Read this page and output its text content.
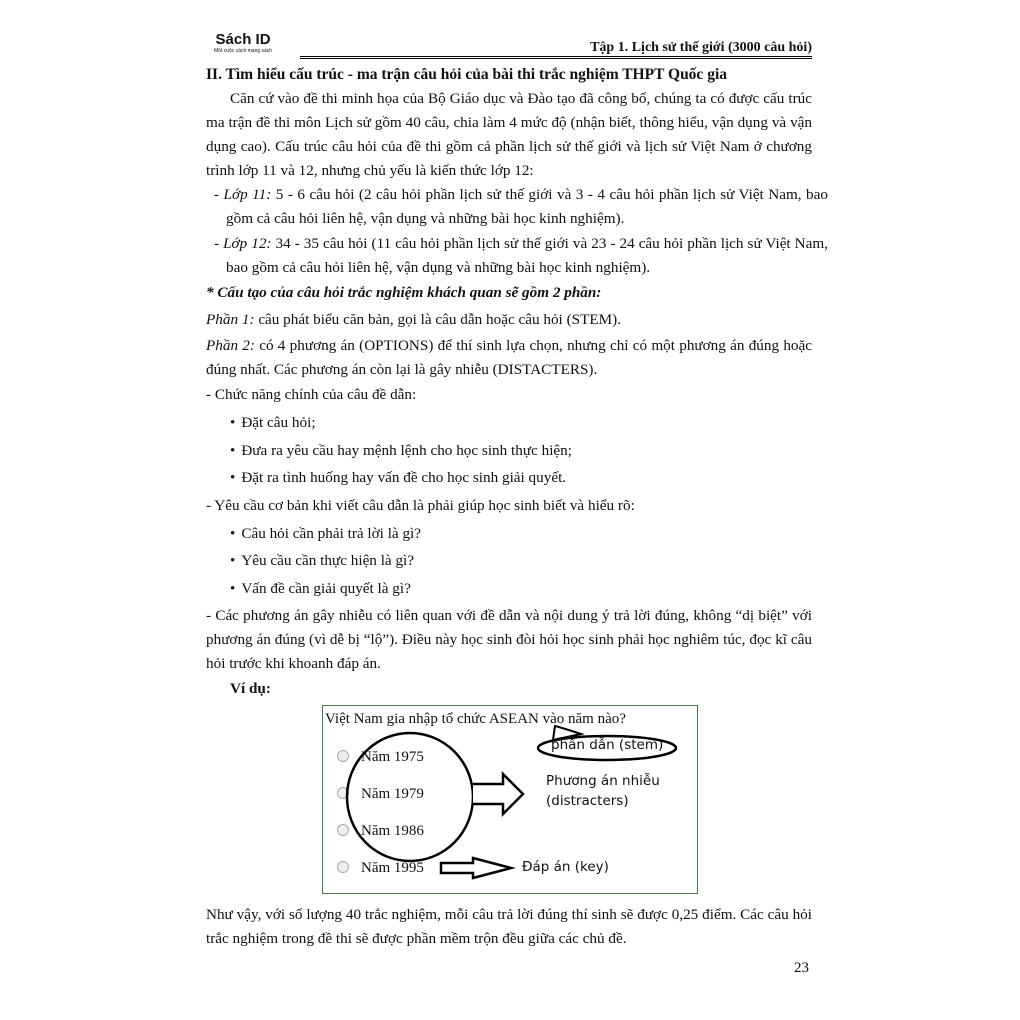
Sách ID
Một cuộc cách mạng sách	Tập 1. Lịch sử thế giới (3000 câu hỏi)
II. Tìm hiểu cấu trúc - ma trận câu hỏi của bài thi trắc nghiệm THPT Quốc gia
Căn cứ vào đề thi minh họa của Bộ Giáo dục và Đào tạo đã công bố, chúng ta có được cấu trúc ma trận đề thi môn Lịch sử gồm 40 câu, chia làm 4 mức độ (nhận biết, thông hiểu, vận dụng và vận dụng cao). Cấu trúc câu hỏi của đề thi gồm cả phần lịch sử thế giới và lịch sử Việt Nam ở chương trình lớp 11 và 12, nhưng chủ yếu là kiến thức lớp 12:
- Lớp 11: 5 - 6 câu hỏi (2 câu hỏi phần lịch sử thế giới và 3 - 4 câu hỏi phần lịch sử Việt Nam, bao gồm cả câu hỏi liên hệ, vận dụng và những bài học kinh nghiệm).
- Lớp 12: 34 - 35 câu hỏi (11 câu hỏi phần lịch sử thế giới và 23 - 24 câu hỏi phần lịch sử Việt Nam, bao gồm cả câu hỏi liên hệ, vận dụng và những bài học kinh nghiệm).
* Cấu tạo của câu hỏi trắc nghiệm khách quan sẽ gồm 2 phần:
Phần 1: câu phát biểu căn bản, gọi là câu dẫn hoặc câu hỏi (STEM).
Phần 2: có 4 phương án (OPTIONS) để thí sinh lựa chọn, nhưng chỉ có một phương án đúng hoặc đúng nhất. Các phương án còn lại là gây nhiễu (DISTACTERS).
- Chức năng chính của câu đề dẫn:
• Đặt câu hỏi;
• Đưa ra yêu cầu hay mệnh lệnh cho học sinh thực hiện;
• Đặt ra tình huống hay vấn đề cho học sinh giải quyết.
- Yêu cầu cơ bản khi viết câu dẫn là phải giúp học sinh biết và hiểu rõ:
• Câu hỏi cần phải trả lời là gì?
• Yêu cầu cần thực hiện là gì?
• Vấn đề cần giải quyết là gì?
- Các phương án gây nhiễu có liên quan với đề dẫn và nội dung ý trả lời đúng, không “dị biệt” với phương án đúng (vì dễ bị “lộ”). Điều này học sinh đòi hỏi học sinh phải học nghiêm túc, đọc kĩ câu hỏi trước khi khoanh đáp án.
Ví dụ:
Việt Nam gia nhập tổ chức ASEAN vào năm nào?
Năm 1975
Năm 1979
Năm 1986
Năm 1995
phần dẫn (stem)
Phương án nhiễu
(distracters)
Đáp án (key)
Như vậy, với số lượng 40 trắc nghiệm, mỗi câu trả lời đúng thí sinh sẽ được 0,25 điểm. Các câu hỏi trắc nghiệm trong đề thi sẽ được phần mềm trộn đều giữa các chủ đề.
23
